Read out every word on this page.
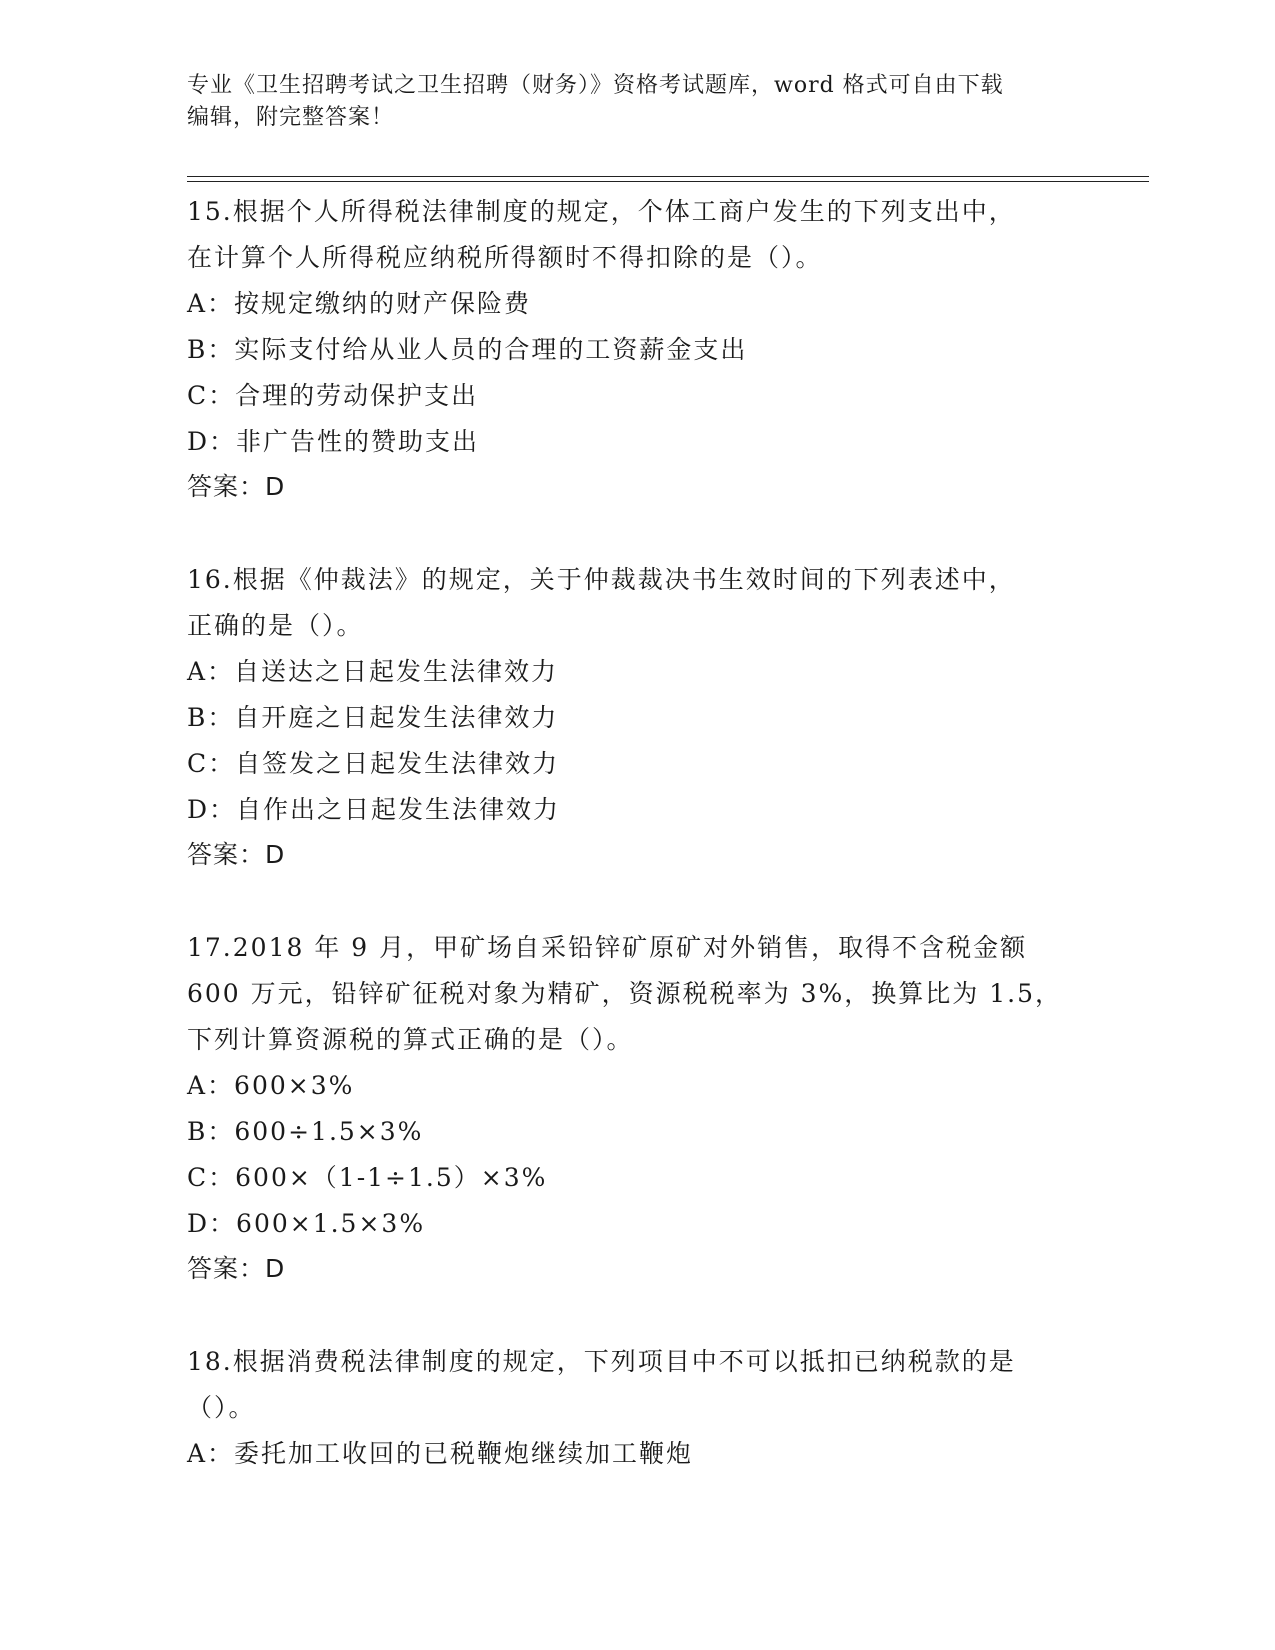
专业《卫生招聘考试之卫生招聘（财务）》资格考试题库，word 格式可自由下载
编辑，附完整答案！
15.根据个人所得税法律制度的规定，个体工商户发生的下列支出中，
在计算个人所得税应纳税所得额时不得扣除的是（）。
A：按规定缴纳的财产保险费
B：实际支付给从业人员的合理的工资薪金支出
C：合理的劳动保护支出
D：非广告性的赞助支出
答案：D
16.根据《仲裁法》的规定，关于仲裁裁决书生效时间的下列表述中，
正确的是（）。
A：自送达之日起发生法律效力
B：自开庭之日起发生法律效力
C：自签发之日起发生法律效力
D：自作出之日起发生法律效力
答案：D
17.2018 年 9 月，甲矿场自采铅锌矿原矿对外销售，取得不含税金额
600 万元，铅锌矿征税对象为精矿，资源税税率为 3%，换算比为 1.5，
下列计算资源税的算式正确的是（）。
A：600×3%
B：600÷1.5×3%
C：600×（1-1÷1.5）×3%
D：600×1.5×3%
答案：D
18.根据消费税法律制度的规定，下列项目中不可以抵扣已纳税款的是
（）。
A：委托加工收回的已税鞭炮继续加工鞭炮
